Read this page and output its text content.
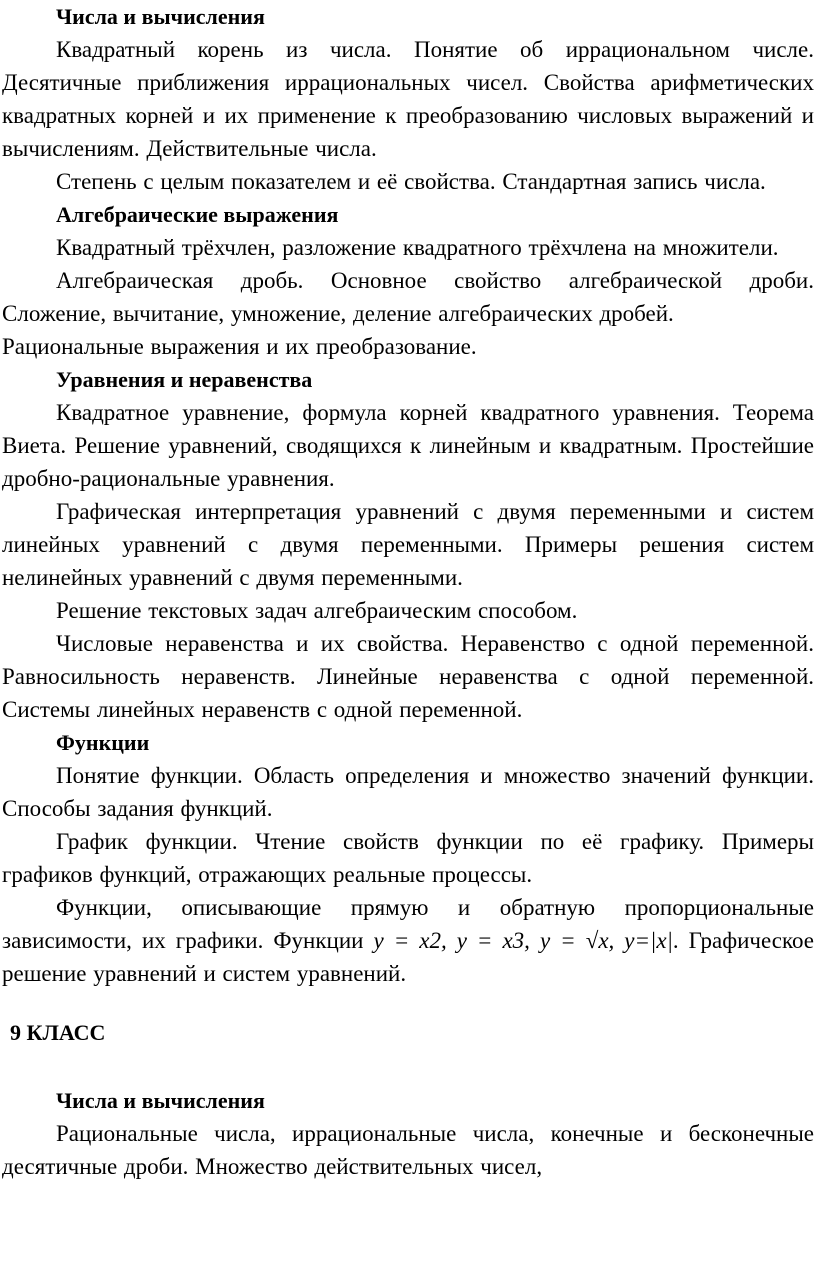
Числа и вычисления

Квадратный корень из числа. Понятие об иррациональном числе. Десятичные приближения иррациональных чисел. Свойства арифметических квадратных корней и их применение к преобразованию числовых выражений и вычислениям. Действительные числа.

Степень с целым показателем и её свойства. Стандартная запись числа.

Алгебраические выражения

Квадратный трёхчлен, разложение квадратного трёхчлена на множители.

Алгебраическая дробь. Основное свойство алгебраической дроби. Сложение, вычитание, умножение, деление алгебраических дробей.

Рациональные выражения и их преобразование.

Уравнения и неравенства

Квадратное уравнение, формула корней квадратного уравнения. Теорема Виета. Решение уравнений, сводящихся к линейным и квадратным. Простейшие дробно-рациональные уравнения.

Графическая интерпретация уравнений с двумя переменными и систем линейных уравнений с двумя переменными. Примеры решения систем нелинейных уравнений с двумя переменными.

Решение текстовых задач алгебраическим способом.

Числовые неравенства и их свойства. Неравенство с одной переменной. Равносильность неравенств. Линейные неравенства с одной переменной. Системы линейных неравенств с одной переменной.

Функции

Понятие функции. Область определения и множество значений функции. Способы задания функций.

График функции. Чтение свойств функции по её графику. Примеры графиков функций, отражающих реальные процессы.

Функции, описывающие прямую и обратную пропорциональные зависимости, их графики. Функции y = x2, y = x3, y = √x, y=|x|. Графическое решение уравнений и систем уравнений.

9 КЛАСС

Числа и вычисления

Рациональные числа, иррациональные числа, конечные и бесконечные десятичные дроби. Множество действительных чисел,
